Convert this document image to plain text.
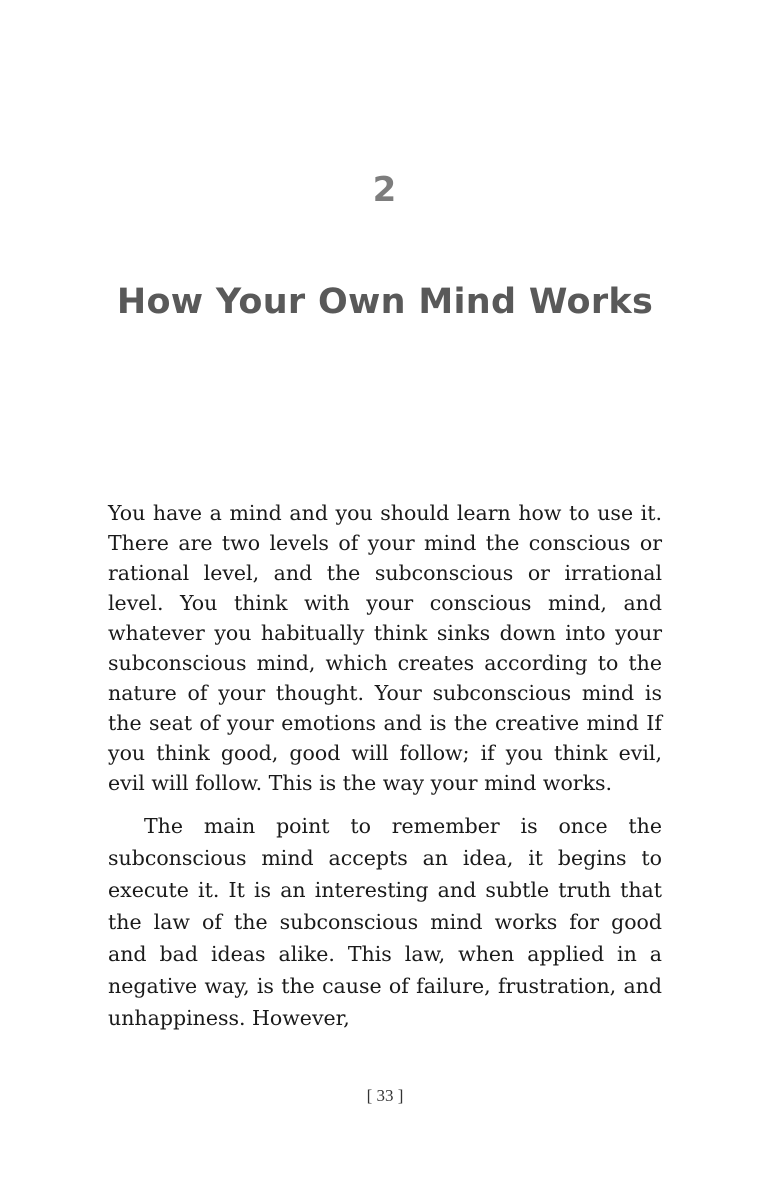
2
How Your Own Mind Works

You have a mind and you should learn how to use it. There are two levels of your mind the conscious or rational level, and the subconscious or irrational level. You think with your conscious mind, and whatever you habitually think sinks down into your subconscious mind, which creates according to the nature of your thought. Your subconscious mind is the seat of your emotions and is the creative mind If you think good, good will follow; if you think evil, evil will follow. This is the way your mind works.

The main point to remember is once the subconscious mind accepts an idea, it begins to execute it. It is an interesting and subtle truth that the law of the subconscious mind works for good and bad ideas alike. This law, when applied in a negative way, is the cause of failure, frustration, and unhappiness. However,

[ 33 ]
